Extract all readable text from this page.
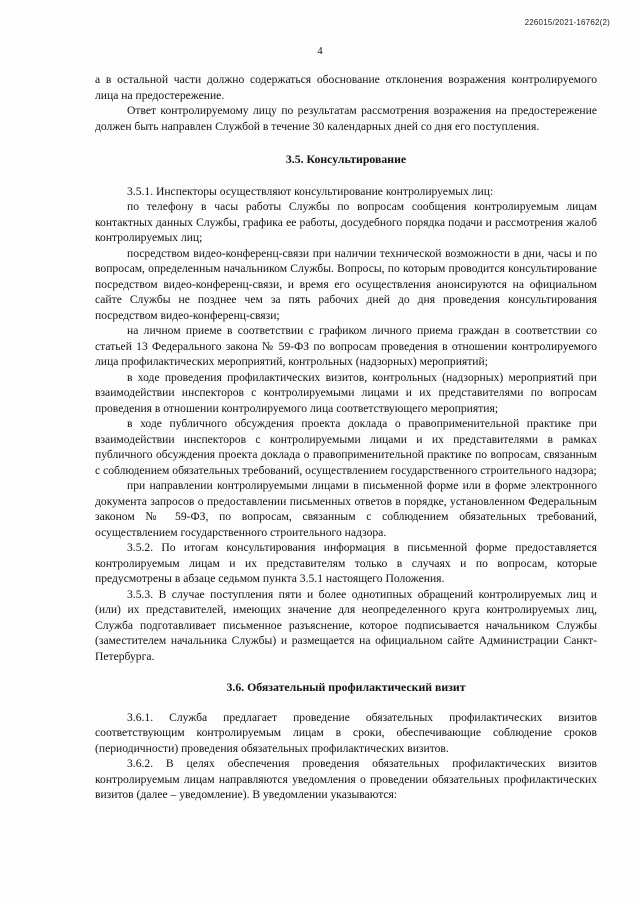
226015/2021-16762(2)
4

а в остальной части должно содержаться обоснование отклонения возражения контролируемого лица на предостережение.

Ответ контролируемому лицу по результатам рассмотрения возражения на предостережение должен быть направлен Службой в течение 30 календарных дней со дня его поступления.

3.5. Консультирование

3.5.1. Инспекторы осуществляют консультирование контролируемых лиц:

по телефону в часы работы Службы по вопросам сообщения контролируемым лицам контактных данных Службы, графика ее работы, досудебного порядка подачи и рассмотрения жалоб контролируемых лиц;

посредством видео-конференц-связи при наличии технической возможности в дни, часы и по вопросам, определенным начальником Службы. Вопросы, по которым проводится консультирование посредством видео-конференц-связи, и время его осуществления анонсируются на официальном сайте Службы не позднее чем за пять рабочих дней до дня проведения консультирования посредством видео-конференц-связи;

на личном приеме в соответствии с графиком личного приема граждан в соответствии со статьей 13 Федерального закона № 59-ФЗ по вопросам проведения в отношении контролируемого лица профилактических мероприятий, контрольных (надзорных) мероприятий;

в ходе проведения профилактических визитов, контрольных (надзорных) мероприятий при взаимодействии инспекторов с контролируемыми лицами и их представителями по вопросам проведения в отношении контролируемого лица соответствующего мероприятия;

в ходе публичного обсуждения проекта доклада о правоприменительной практике при взаимодействии инспекторов с контролируемыми лицами и их представителями в рамках публичного обсуждения проекта доклада о правоприменительной практике по вопросам, связанным с соблюдением обязательных требований, осуществлением государственного строительного надзора;

при направлении контролируемыми лицами в письменной форме или в форме электронного документа запросов о предоставлении письменных ответов в порядке, установленном Федеральным законом № 59-ФЗ, по вопросам, связанным с соблюдением обязательных требований, осуществлением государственного строительного надзора.

3.5.2. По итогам консультирования информация в письменной форме предоставляется контролируемым лицам и их представителям только в случаях и по вопросам, которые предусмотрены в абзаце седьмом пункта 3.5.1 настоящего Положения.

3.5.3. В случае поступления пяти и более однотипных обращений контролируемых лиц и (или) их представителей, имеющих значение для неопределенного круга контролируемых лиц, Служба подготавливает письменное разъяснение, которое подписывается начальником Службы (заместителем начальника Службы) и размещается на официальном сайте Администрации Санкт-Петербурга.

3.6. Обязательный профилактический визит

3.6.1. Служба предлагает проведение обязательных профилактических визитов соответствующим контролируемым лицам в сроки, обеспечивающие соблюдение сроков (периодичности) проведения обязательных профилактических визитов.

3.6.2. В целях обеспечения проведения обязательных профилактических визитов контролируемым лицам направляются уведомления о проведении обязательных профилактических визитов (далее – уведомление). В уведомлении указываются:
